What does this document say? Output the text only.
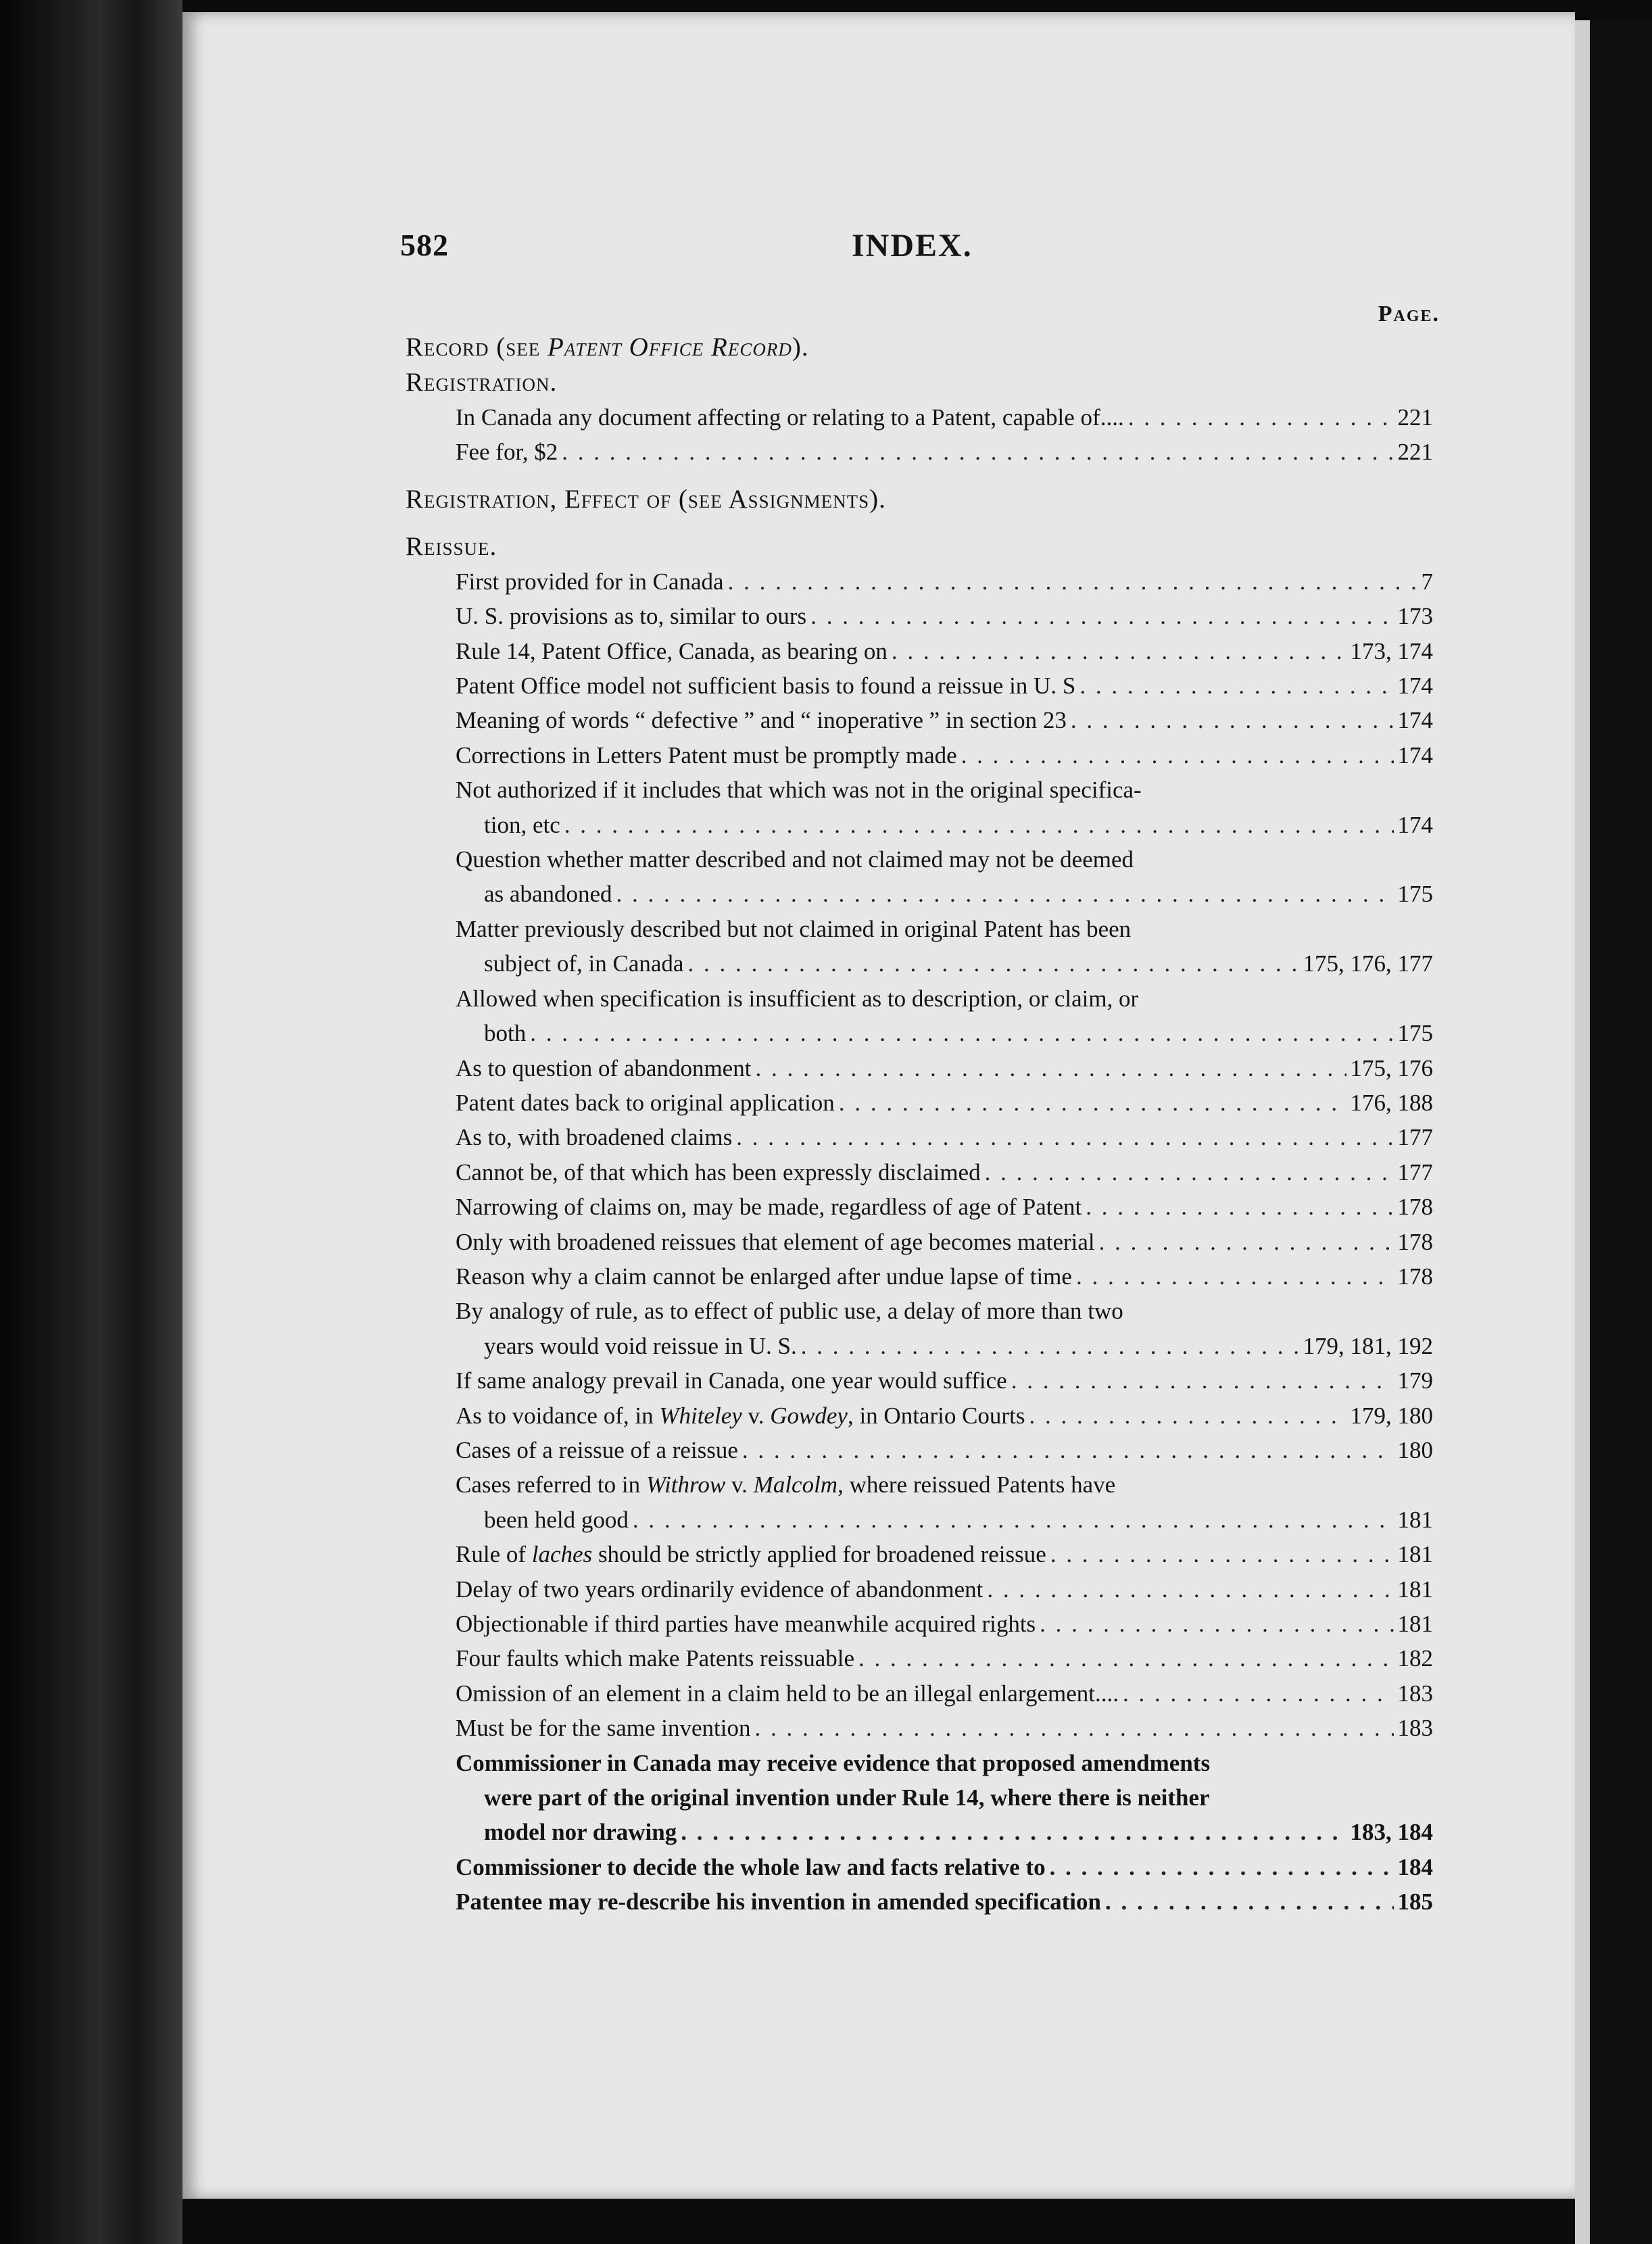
582	INDEX.
Page.

Record (see Patent Office Record).

Registration.

In Canada any document affecting or relating to a Patent, capable of.... . . .	221
Fee for, $2 . . .	221

Registration, Effect of (see Assignments).

Reissue.

First provided for in Canada . . .	7
U. S. provisions as to, similar to ours . . .	173
Rule 14, Patent Office, Canada, as bearing on . . .	173, 174
Patent Office model not sufficient basis to found a reissue in U. S . . .	174
Meaning of words “ defective ” and “ inoperative ” in section 23 . . .	174
Corrections in Letters Patent must be promptly made . . .	174
Not authorized if it includes that which was not in the original specifica-
tion, etc . . .	174
Question whether matter described and not claimed may not be deemed
as abandoned . . .	175
Matter previously described but not claimed in original Patent has been
subject of, in Canada . . .	175, 176, 177
Allowed when specification is insufficient as to description, or claim, or
both . . .	175
As to question of abandonment . . .	175, 176
Patent dates back to original application . . .	176, 188
As to, with broadened claims . . .	177
Cannot be, of that which has been expressly disclaimed . . .	177
Narrowing of claims on, may be made, regardless of age of Patent . . .	178
Only with broadened reissues that element of age becomes material . . .	178
Reason why a claim cannot be enlarged after undue lapse of time . . .	178
By analogy of rule, as to effect of public use, a delay of more than two
years would void reissue in U. S. . . .	179, 181, 192
If same analogy prevail in Canada, one year would suffice . . .	179
As to voidance of, in Whiteley v. Gowdey, in Ontario Courts . . .	179, 180
Cases of a reissue of a reissue . . .	180
Cases referred to in Withrow v. Malcolm, where reissued Patents have
been held good . . .	181
Rule of laches should be strictly applied for broadened reissue . . .	181
Delay of two years ordinarily evidence of abandonment . . .	181
Objectionable if third parties have meanwhile acquired rights . . .	181
Four faults which make Patents reissuable . . .	182
Omission of an element in a claim held to be an illegal enlargement.... . . .	183
Must be for the same invention . . .	183
Commissioner in Canada may receive evidence that proposed amendments
were part of the original invention under Rule 14, where there is neither
model nor drawing . . .	183, 184
Commissioner to decide the whole law and facts relative to . . .	184
Patentee may re-describe his invention in amended specification . . .	185
